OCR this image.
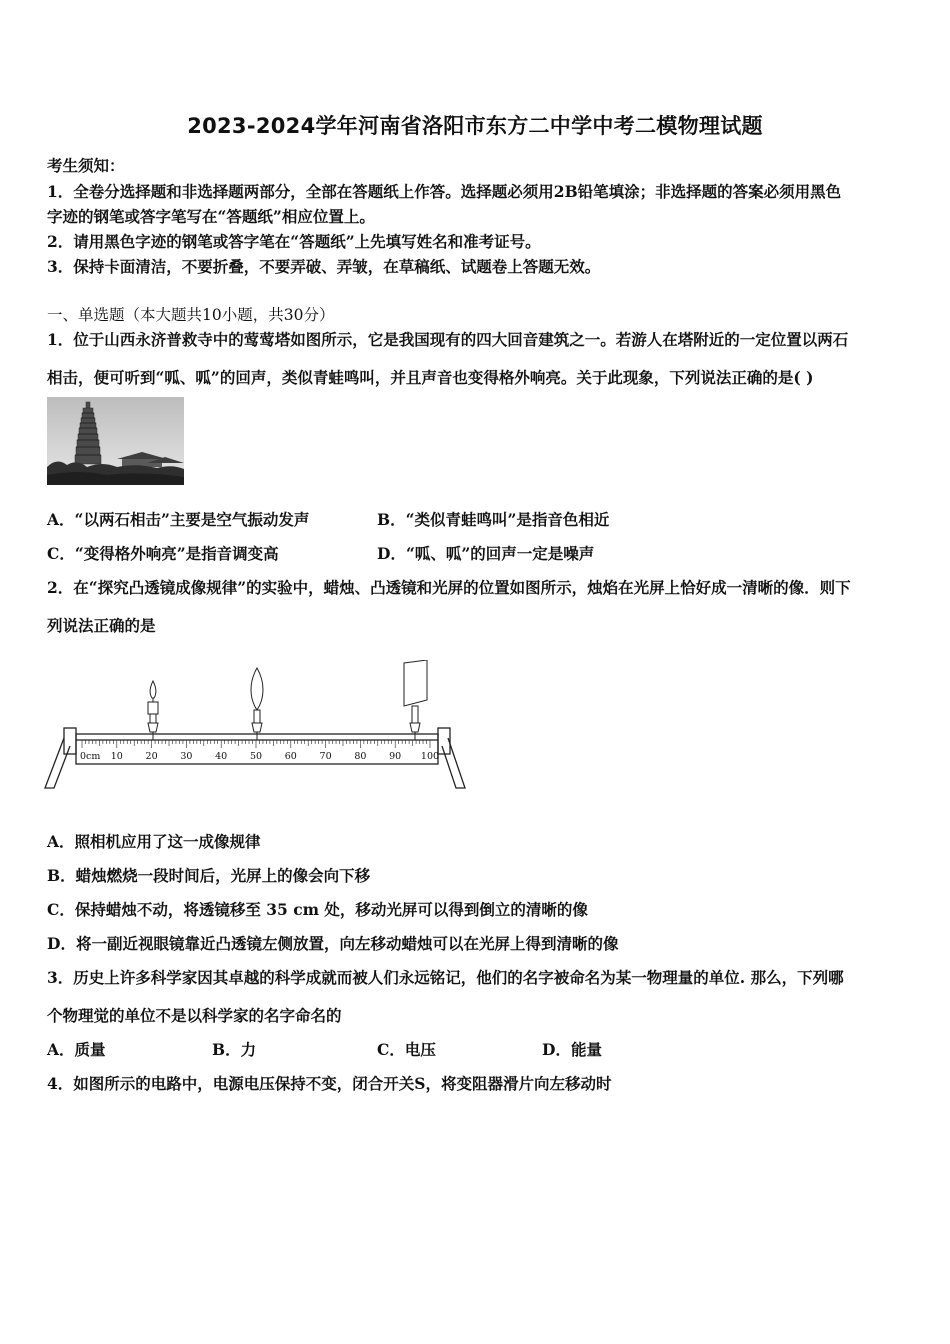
2023-2024学年河南省洛阳市东方二中学中考二模物理试题
考生须知：
1．全卷分选择题和非选择题两部分，全部在答题纸上作答。选择题必须用2B铅笔填涂；非选择题的答案必须用黑色
字迹的钢笔或答字笔写在“答题纸”相应位置上。
2．请用黑色字迹的钢笔或答字笔在“答题纸”上先填写姓名和准考证号。
3．保持卡面清洁，不要折叠，不要弄破、弄皱，在草稿纸、试题卷上答题无效。
一、单选题（本大题共10小题，共30分）
1．位于山西永济普救寺中的莺莺塔如图所示，它是我国现有的四大回音建筑之一。若游人在塔附近的一定位置以两石
相击，便可听到“呱、呱”的回声，类似青蛙鸣叫，并且声音也变得格外响亮。关于此现象，下列说法正确的是( )
A．“以两石相击”主要是空气振动发声	B．“类似青蛙鸣叫”是指音色相近
C．“变得格外响亮”是指音调变高	D．“呱、呱”的回声一定是噪声
2．在“探究凸透镜成像规律”的实验中，蜡烛、凸透镜和光屏的位置如图所示，烛焰在光屏上恰好成一清晰的像．则下
列说法正确的是
0cm 10 20 30 40 50 60 70 80 90 100
A．照相机应用了这一成像规律
B．蜡烛燃烧一段时间后，光屏上的像会向下移
C．保持蜡烛不动，将透镜移至 35 cm 处，移动光屏可以得到倒立的清晰的像
D．将一副近视眼镜靠近凸透镜左侧放置，向左移动蜡烛可以在光屏上得到清晰的像
3．历史上许多科学家因其卓越的科学成就而被人们永远铭记，他们的名字被命名为某一物理量的单位. 那么，下列哪
个物理觉的单位不是以科学家的名字命名的
A．质量	B．力	C．电压	D．能量
4．如图所示的电路中，电源电压保持不变，闭合开关S，将变阻器滑片向左移动时
